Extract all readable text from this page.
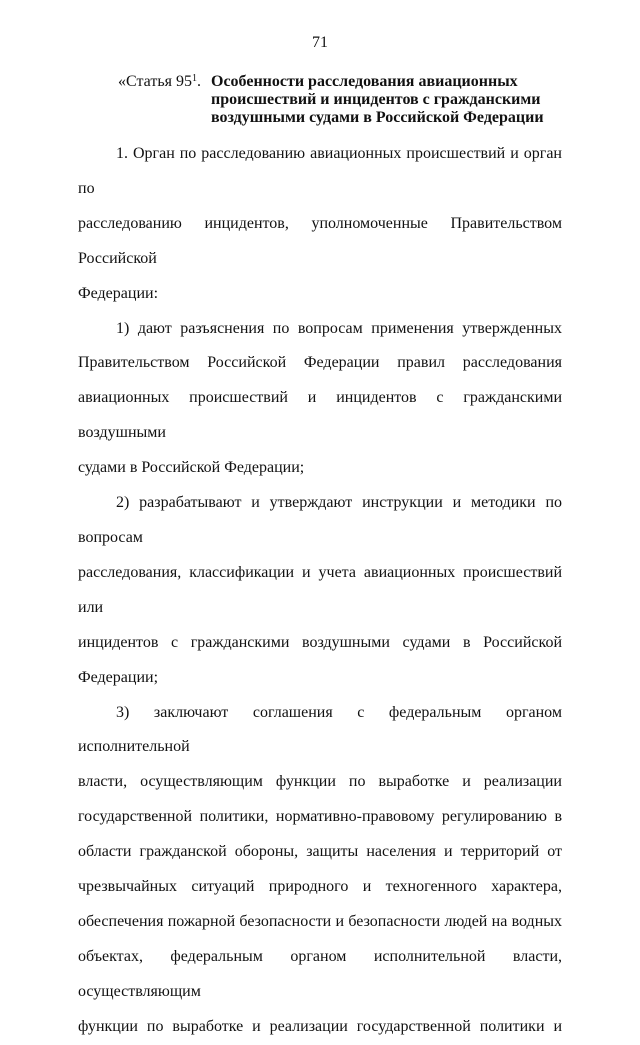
71
«Статья $95^1$. Особенности расследования авиационных происшествий и инцидентов с гражданскими воздушными судами в Российской Федерации
1. Орган по расследованию авиационных происшествий и орган по
расследованию инцидентов, уполномоченные Правительством Российской
Федерации:
1) дают разъяснения по вопросам применения утвержденных
Правительством Российской Федерации правил расследования
авиационных происшествий и инцидентов с гражданскими воздушными
судами в Российской Федерации;
2) разрабатывают и утверждают инструкции и методики по вопросам
расследования, классификации и учета авиационных происшествий или
инцидентов с гражданскими воздушными судами в Российской
Федерации;
3) заключают соглашения с федеральным органом исполнительной
власти, осуществляющим функции по выработке и реализации
государственной политики, нормативно-правовому регулированию в
области гражданской обороны, защиты населения и территорий от
чрезвычайных ситуаций природного и техногенного характера,
обеспечения пожарной безопасности и безопасности людей на водных
объектах, федеральным органом исполнительной власти, осуществляющим
функции по выработке и реализации государственной политики и
